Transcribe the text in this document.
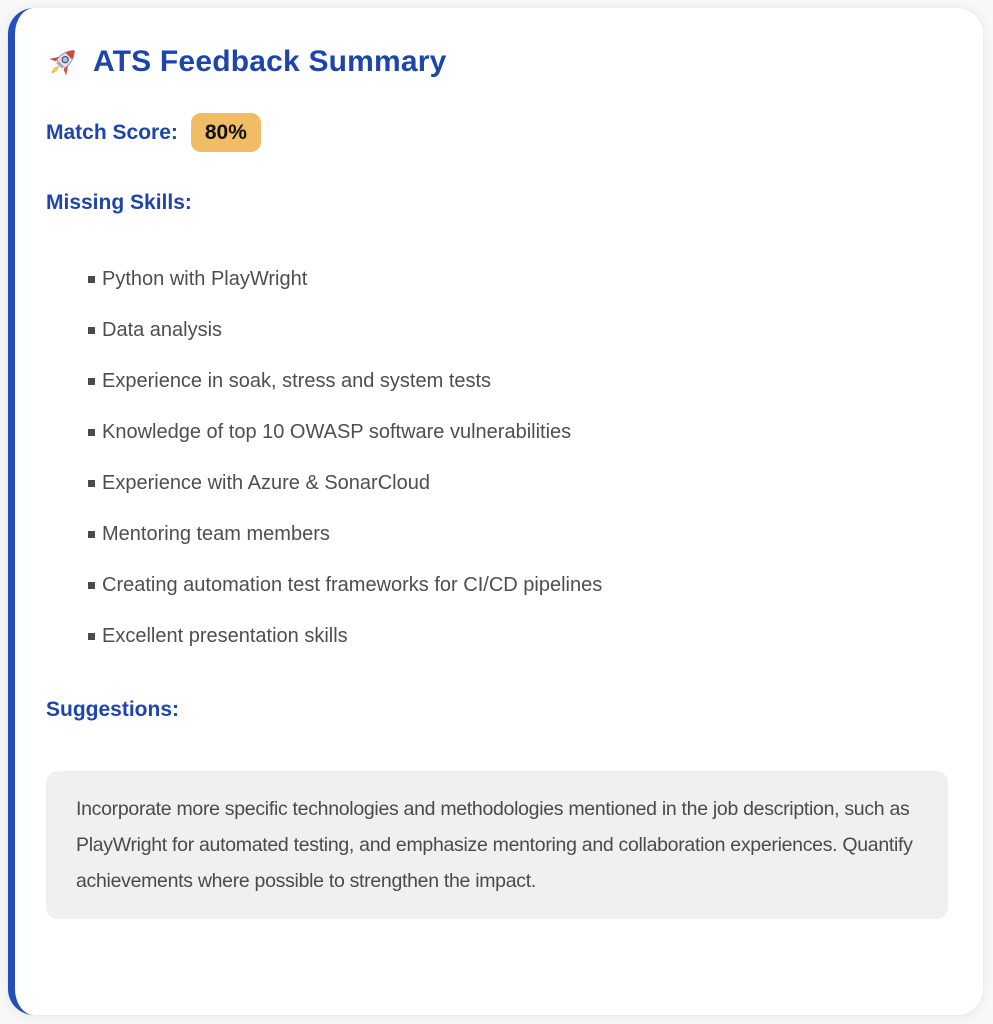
ATS Feedback Summary
Match Score:	80%
Missing Skills:
Python with PlayWright
Data analysis
Experience in soak, stress and system tests
Knowledge of top 10 OWASP software vulnerabilities
Experience with Azure & SonarCloud
Mentoring team members
Creating automation test frameworks for CI/CD pipelines
Excellent presentation skills
Suggestions:

Incorporate more specific technologies and methodologies mentioned in the job description, such as PlayWright for automated testing, and emphasize mentoring and collaboration experiences. Quantify achievements where possible to strengthen the impact.
